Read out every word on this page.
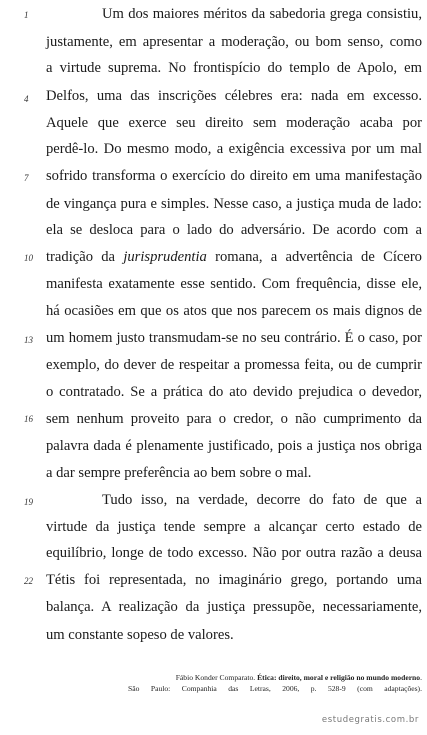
1
4
7
10
13
16
19
22
Um dos maiores méritos da sabedoria grega consistiu,
justamente, em apresentar a moderação, ou bom senso, como
a virtude suprema. No frontispício do templo de Apolo, em
Delfos, uma das inscrições célebres era: nada em excesso.
Aquele que exerce seu direito sem moderação acaba por
perdê-lo. Do mesmo modo, a exigência excessiva por um mal
sofrido transforma o exercício do direito em uma manifestação
de vingança pura e simples. Nesse caso, a justiça muda de lado:
ela se desloca para o lado do adversário. De acordo com a
tradição da jurisprudentia romana, a advertência de Cícero
manifesta exatamente esse sentido. Com frequência, disse ele,
há ocasiões em que os atos que nos parecem os mais dignos de
um homem justo transmudam-se no seu contrário. É o caso, por
exemplo, do dever de respeitar a promessa feita, ou de cumprir
o contratado. Se a prática do ato devido prejudica o devedor,
sem nenhum proveito para o credor, o não cumprimento da
palavra dada é plenamente justificado, pois a justiça nos obriga
a dar sempre preferência ao bem sobre o mal.
Tudo isso, na verdade, decorre do fato de que a
virtude da justiça tende sempre a alcançar certo estado de
equilíbrio, longe de todo excesso. Não por outra razão a deusa
Tétis foi representada, no imaginário grego, portando uma
balança. A realização da justiça pressupõe, necessariamente,
um constante sopeso de valores.
Fábio Konder Comparato. Ética: direito, moral e religião no mundo moderno.
São Paulo: Companhia das Letras, 2006, p. 528-9 (com adaptações).
estudegratis.com.br
